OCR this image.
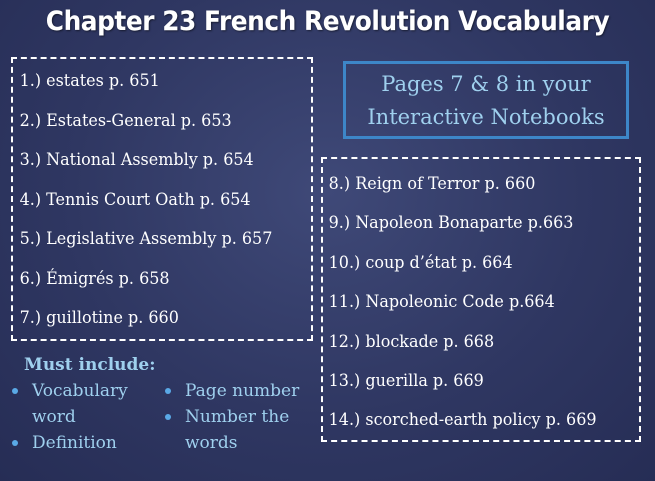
Chapter 23 French Revolution Vocabulary
1.) estates p. 651
2.) Estates-General p. 653
3.) National Assembly p. 654
4.) Tennis Court Oath p. 654
5.) Legislative Assembly p. 657
6.) Émigrés p. 658
7.) guillotine p. 660
Pages 7 & 8 in your
Interactive Notebooks
8.) Reign of Terror p. 660
9.) Napoleon Bonaparte p.663
10.) coup d’état p. 664
11.) Napoleonic Code p.664
12.) blockade p. 668
13.) guerilla p. 669
14.) scorched-earth policy p. 669
Must include:
Vocabulary word
Definition
Page number
Number the words
